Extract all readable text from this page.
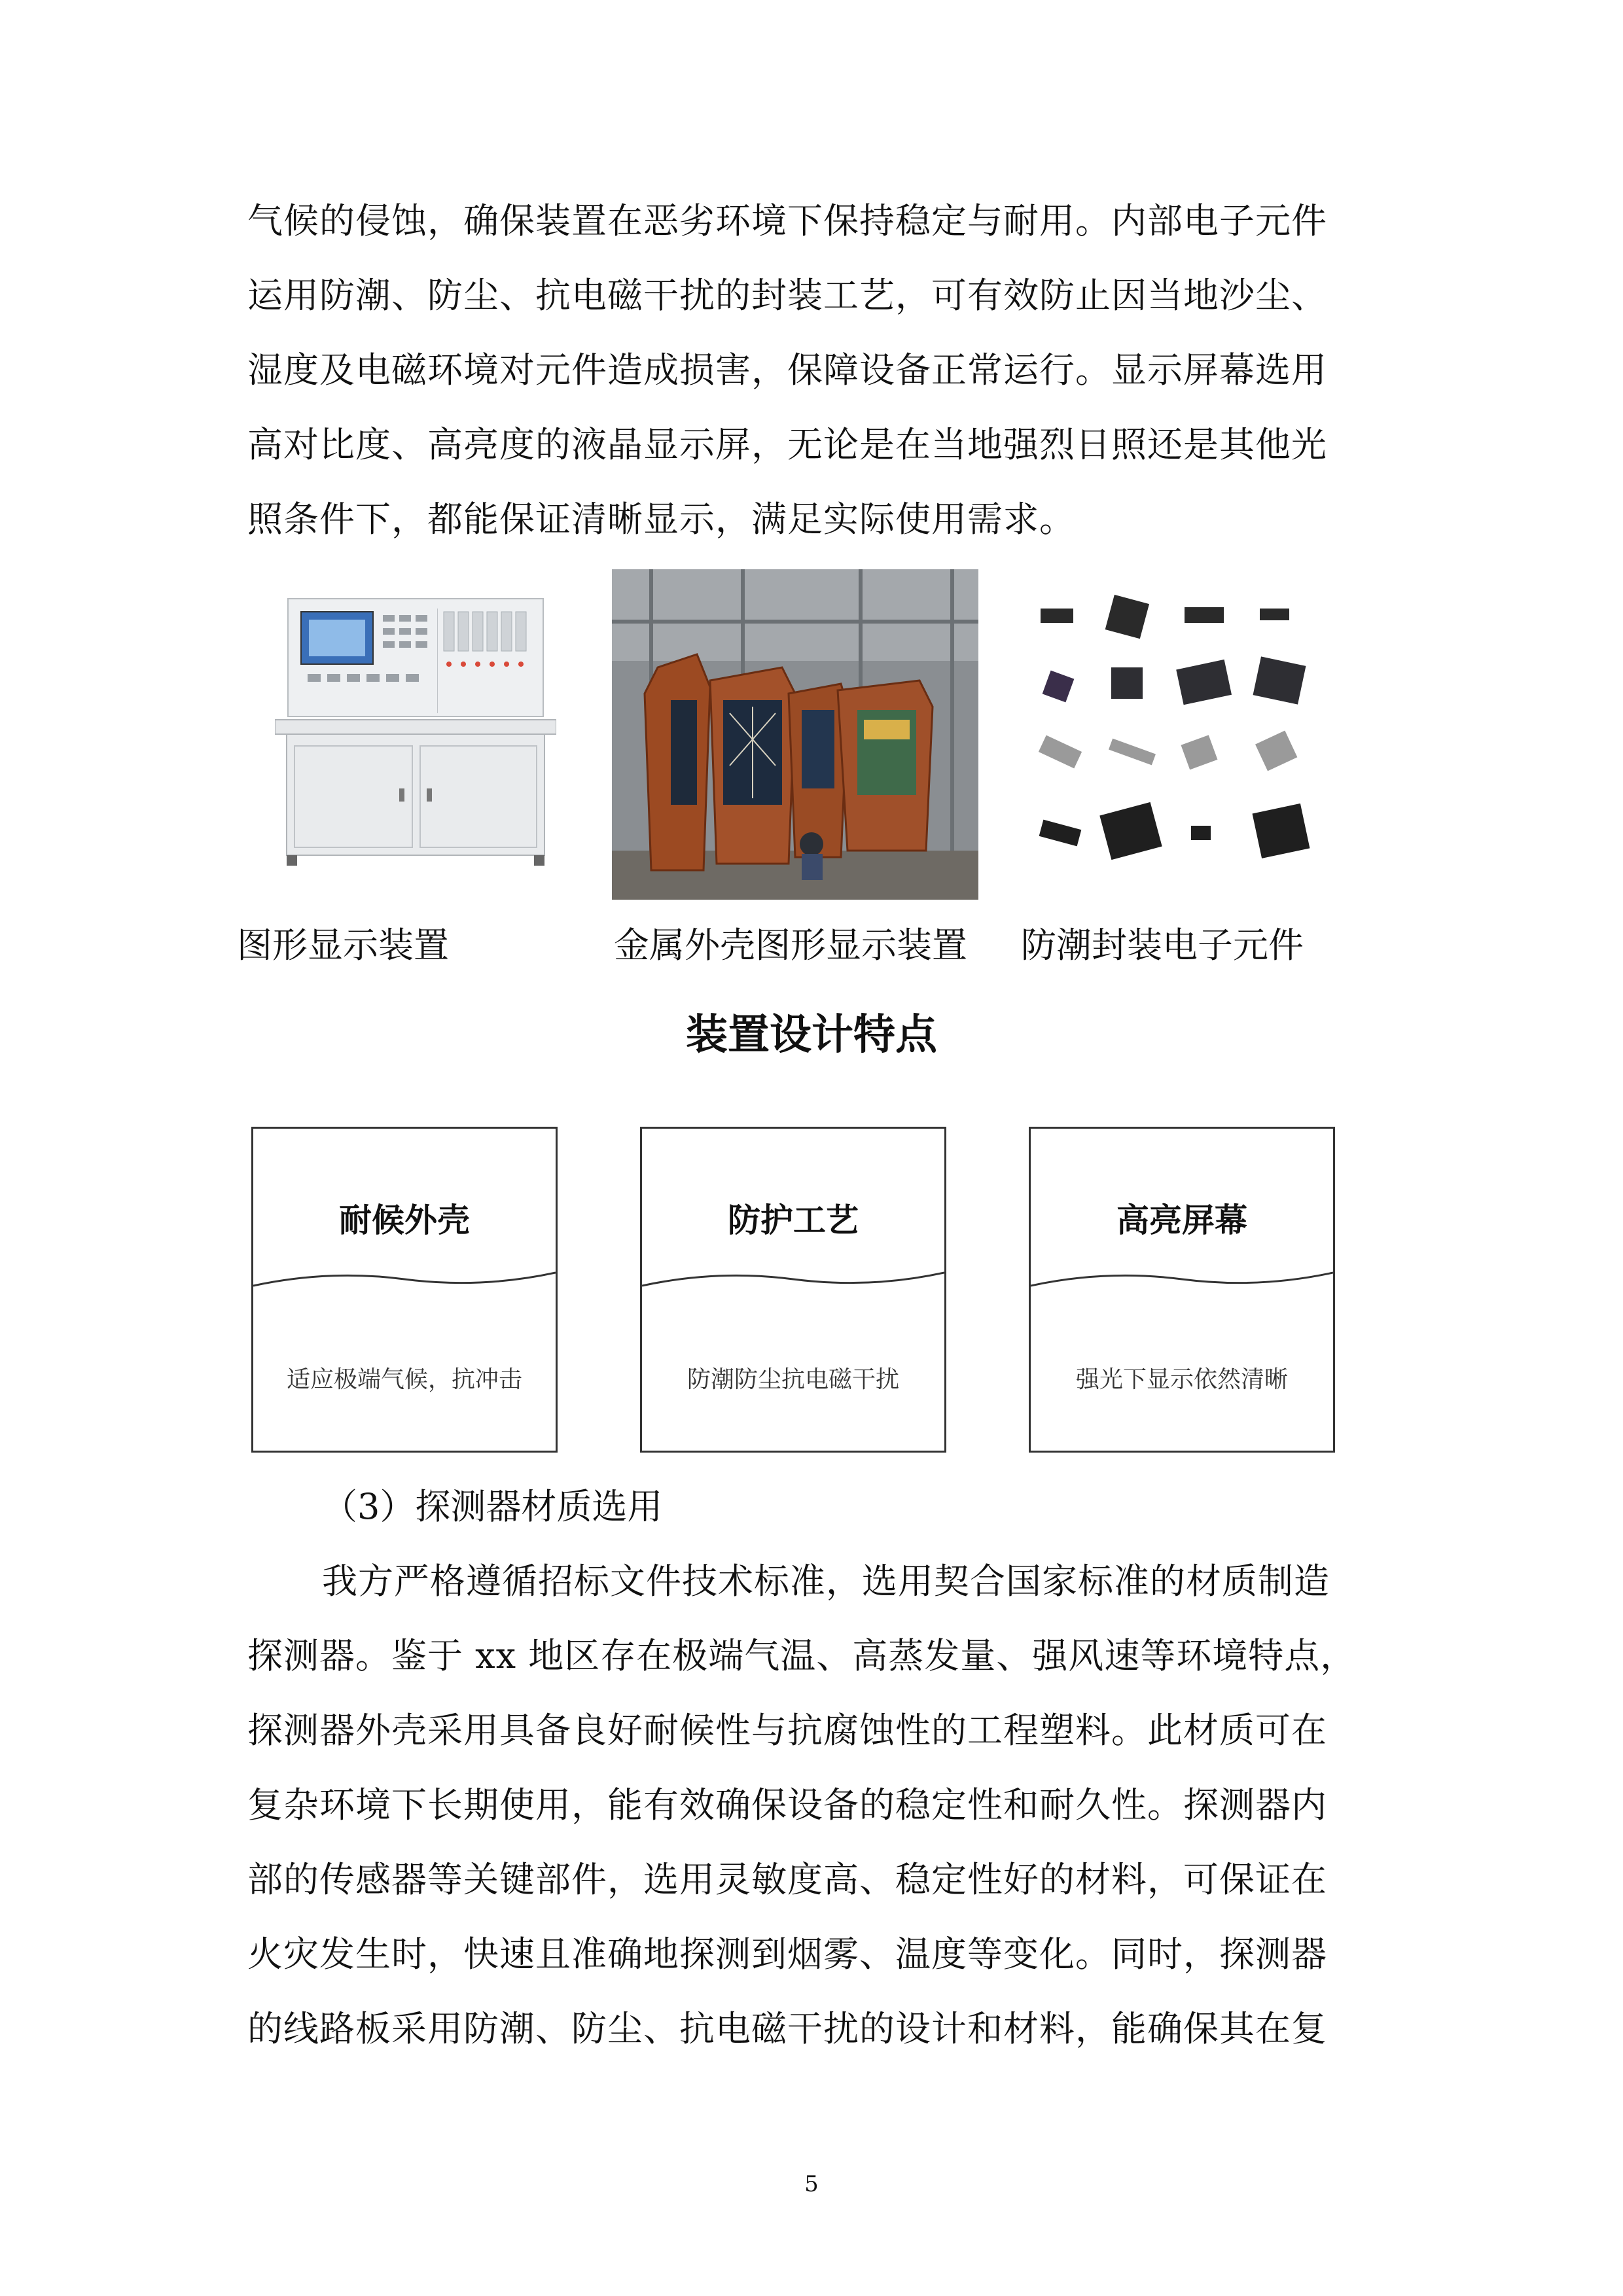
气候的侵蚀，确保装置在恶劣环境下保持稳定与耐用。内部电子元件
运用防潮、防尘、抗电磁干扰的封装工艺，可有效防止因当地沙尘、
湿度及电磁环境对元件造成损害，保障设备正常运行。显示屏幕选用
高对比度、高亮度的液晶显示屏，无论是在当地强烈日照还是其他光
照条件下，都能保证清晰显示，满足实际使用需求。
图形显示装置	金属外壳图形显示装置 防潮封装电子元件
装置设计特点
耐候外壳
适应极端气候，抗冲击
防护工艺
防潮防尘抗电磁干扰
高亮屏幕
强光下显示依然清晰
（3）探测器材质选用
我方严格遵循招标文件技术标准，选用契合国家标准的材质制造
探测器。鉴于 xx 地区存在极端气温、高蒸发量、强风速等环境特点，
探测器外壳采用具备良好耐候性与抗腐蚀性的工程塑料。此材质可在
复杂环境下长期使用，能有效确保设备的稳定性和耐久性。探测器内
部的传感器等关键部件，选用灵敏度高、稳定性好的材料，可保证在
火灾发生时，快速且准确地探测到烟雾、温度等变化。同时，探测器
的线路板采用防潮、防尘、抗电磁干扰的设计和材料，能确保其在复
5
